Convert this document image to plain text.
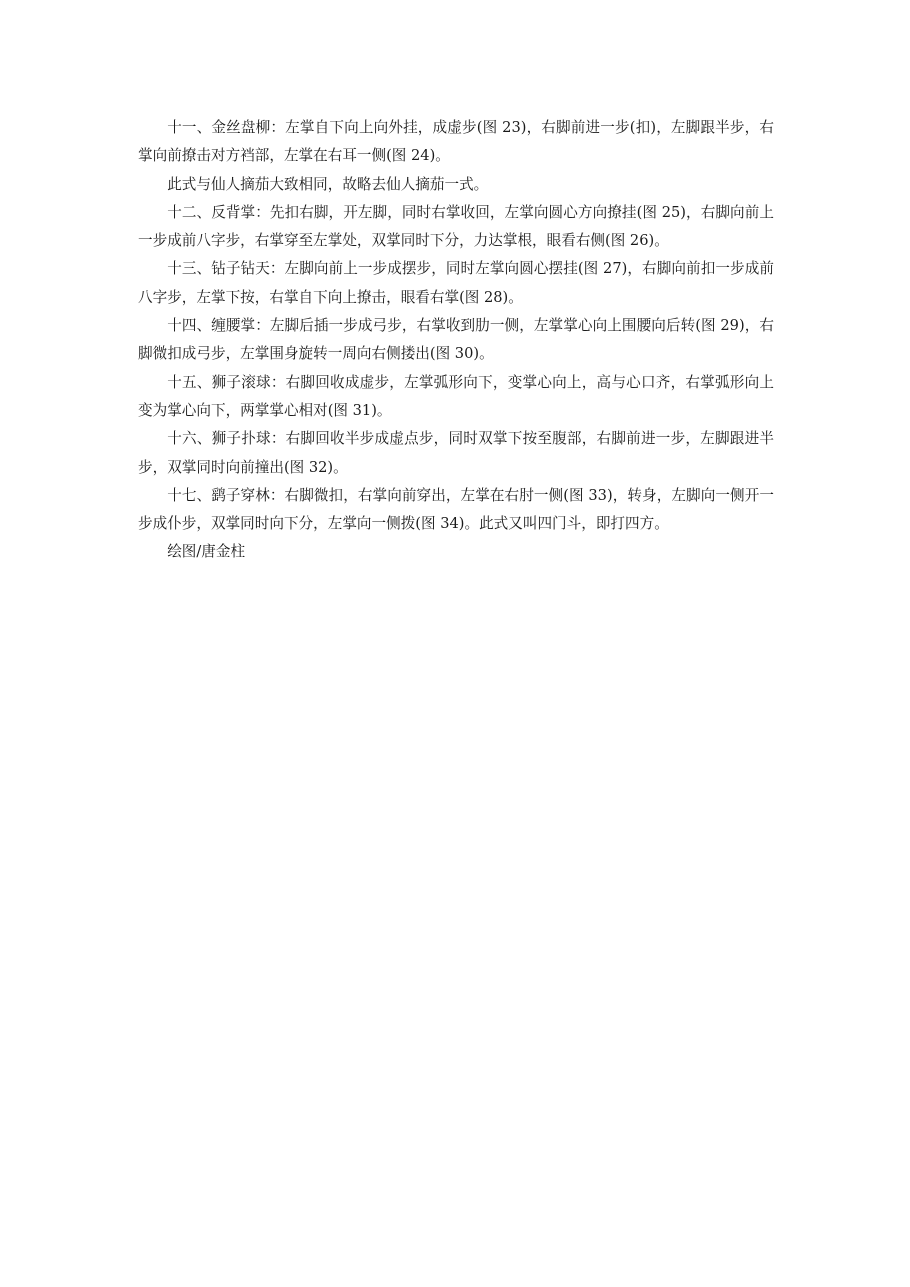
十一、金丝盘柳：左掌自下向上向外挂，成虚步(图 23)，右脚前进一步(扣)，左脚跟半步，右掌向前撩击对方裆部，左掌在右耳一侧(图 24)。

此式与仙人摘茄大致相同，故略去仙人摘茄一式。

十二、反背掌：先扣右脚，开左脚，同时右掌收回，左掌向圆心方向撩挂(图 25)，右脚向前上一步成前八字步，右掌穿至左掌处，双掌同时下分，力达掌根，眼看右侧(图 26)。

十三、钻子钻天：左脚向前上一步成摆步，同时左掌向圆心摆挂(图 27)，右脚向前扣一步成前八字步，左掌下按，右掌自下向上撩击，眼看右掌(图 28)。

十四、缠腰掌：左脚后插一步成弓步，右掌收到肋一侧，左掌掌心向上围腰向后转(图 29)，右脚微扣成弓步，左掌围身旋转一周向右侧搂出(图 30)。

十五、狮子滚球：右脚回收成虚步，左掌弧形向下，变掌心向上，高与心口齐，右掌弧形向上变为掌心向下，两掌掌心相对(图 31)。

十六、狮子扑球：右脚回收半步成虚点步，同时双掌下按至腹部，右脚前进一步，左脚跟进半步，双掌同时向前撞出(图 32)。

十七、鹞子穿林：右脚微扣，右掌向前穿出，左掌在右肘一侧(图 33)，转身，左脚向一侧开一步成仆步，双掌同时向下分，左掌向一侧拨(图 34)。此式又叫四门斗，即打四方。

绘图/唐金柱
